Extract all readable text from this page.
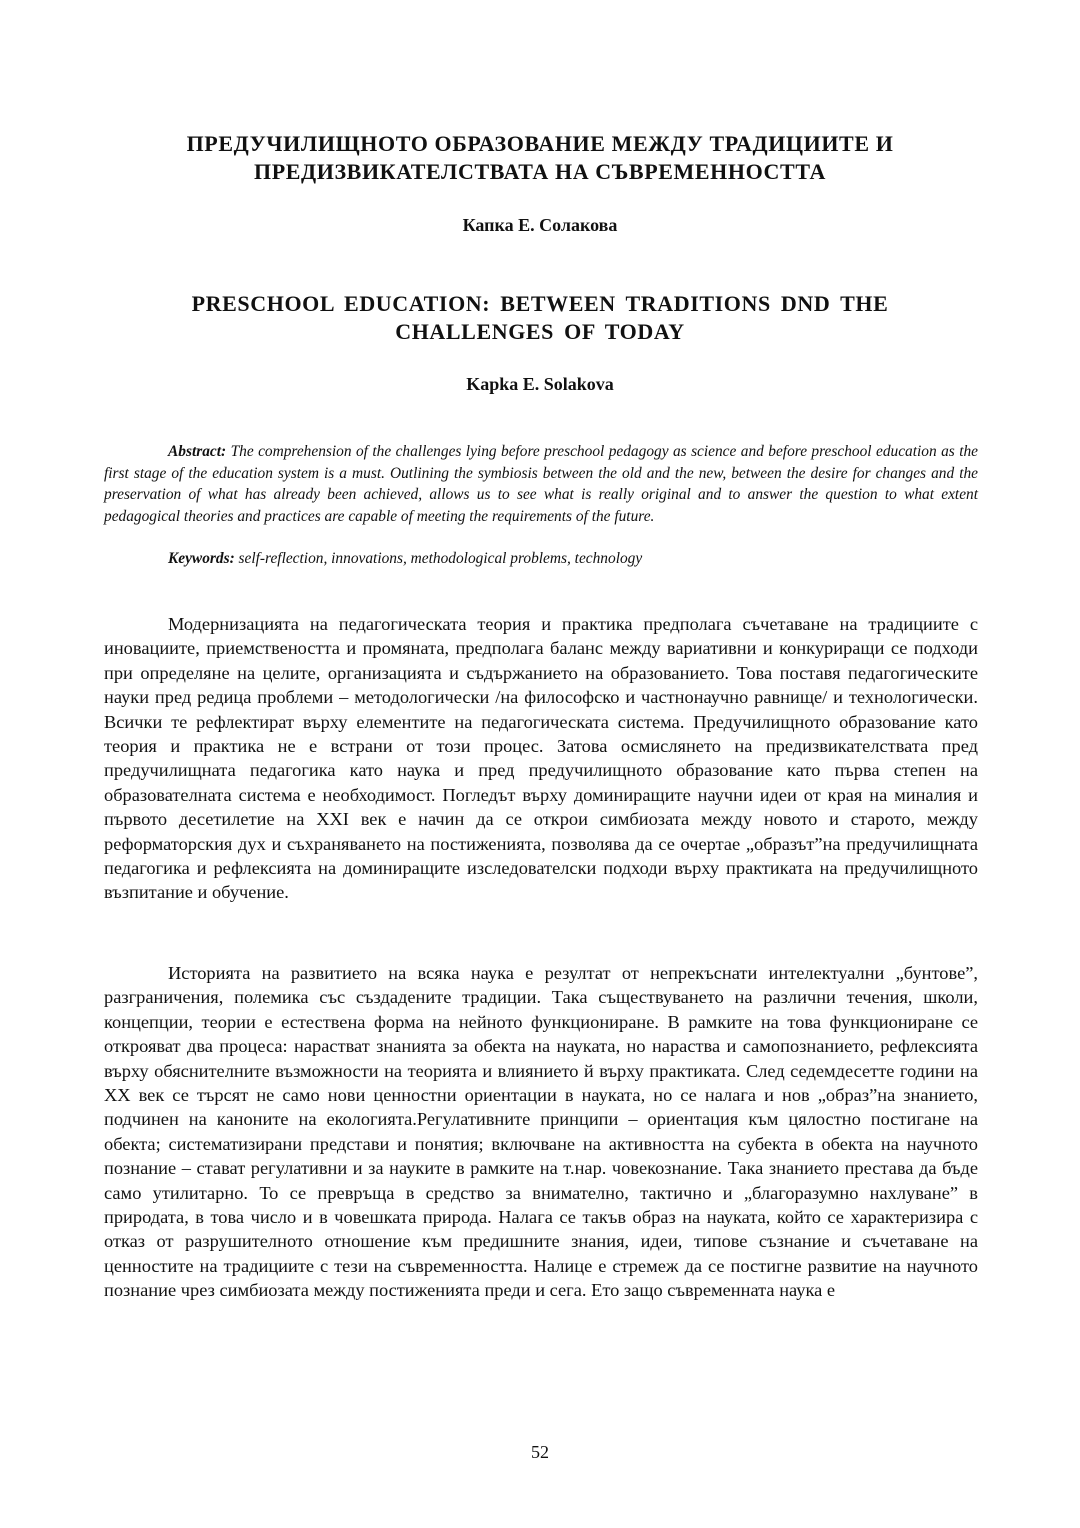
ПРЕДУЧИЛИЩНОТО ОБРАЗОВАНИЕ МЕЖДУ ТРАДИЦИИТЕ И
ПРЕДИЗВИКАТЕЛСТВАТА НА СЪВРЕМЕННОСТТА
Капка Е. Солакова
PRESCHOOL EDUCATION: BETWEEN TRADITIONS DND THE
CHALLENGES OF TODAY
Kapka E. Solakova

Abstract: The comprehension of the challenges lying before preschool pedagogy as science and before preschool education as the first stage of the education system is a must. Outlining the symbiosis between the old and the new, between the desire for changes and the preservation of what has already been achieved, allows us to see what is really original and to answer the question to what extent pedagogical theories and practices are capable of meeting the requirements of the future.

Keywords: self-reflection, innovations, methodological problems, technology

Модернизацията на педагогическата теория и практика предполага съчетаване на традициите с иновациите, приемствеността и промяната, предполага баланс между вариативни и конкуриращи се подходи при определяне на целите, организацията и съдържанието на образованието. Това поставя педагогическите науки пред редица проблеми – методологически /на философско и частнонаучно равнище/ и технологически. Всички те рефлектират върху елементите на педагогическата система. Предучилищното образование като теория и практика не е встрани от този процес. Затова осмислянето на предизвикателствата пред предучилищната педагогика като наука и пред предучилищното образование като първа степен на образователната система е необходимост. Погледът върху доминиращите научни идеи от края на миналия и първото десетилетие на XXI век е начин да се открои симбиозата между новото и старото, между реформаторския дух и съхраняването на постиженията, позволява да се очертае „образът”на предучилищната педагогика и рефлексията на доминиращите изследователски подходи върху практиката на предучилищното възпитание и обучение.

Историята на развитието на всяка наука е резултат от непрекъснати интелектуални „бунтове”, разграничения, полемика със създадените традиции. Така съществуването на различни течения, школи, концепции, теории е естествена форма на нейното функциониране. В рамките на това функциониране се открояват два процеса: нарастват знанията за обекта на науката, но нараства и самопознанието, рефлексията върху обяснителните възможности на теорията и влиянието й върху практиката. След седемдесетте години на XX век се търсят не само нови ценностни ориентации в науката, но се налага и нов „образ”на знанието, подчинен на каноните на екологията.Регулативните принципи – ориентация към цялостно постигане на обекта; систематизирани представи и понятия; включване на активността на субекта в обекта на научното познание – стават регулативни и за науките в рамките на т.нар. човекознание. Така знанието престава да бъде само утилитарно. То се превръща в средство за внимателно, тактично и „благоразумно нахлуване” в природата, в това число и в човешката природа. Налага се такъв образ на науката, който се характеризира с отказ от разрушителното отношение към предишните знания, идеи, типове съзнание и съчетаване на ценностите на традициите с тези на съвременността. Налице е стремеж да се постигне развитие на научното познание чрез симбиозата между постиженията преди и сега. Ето защо съвременната наука е

52
